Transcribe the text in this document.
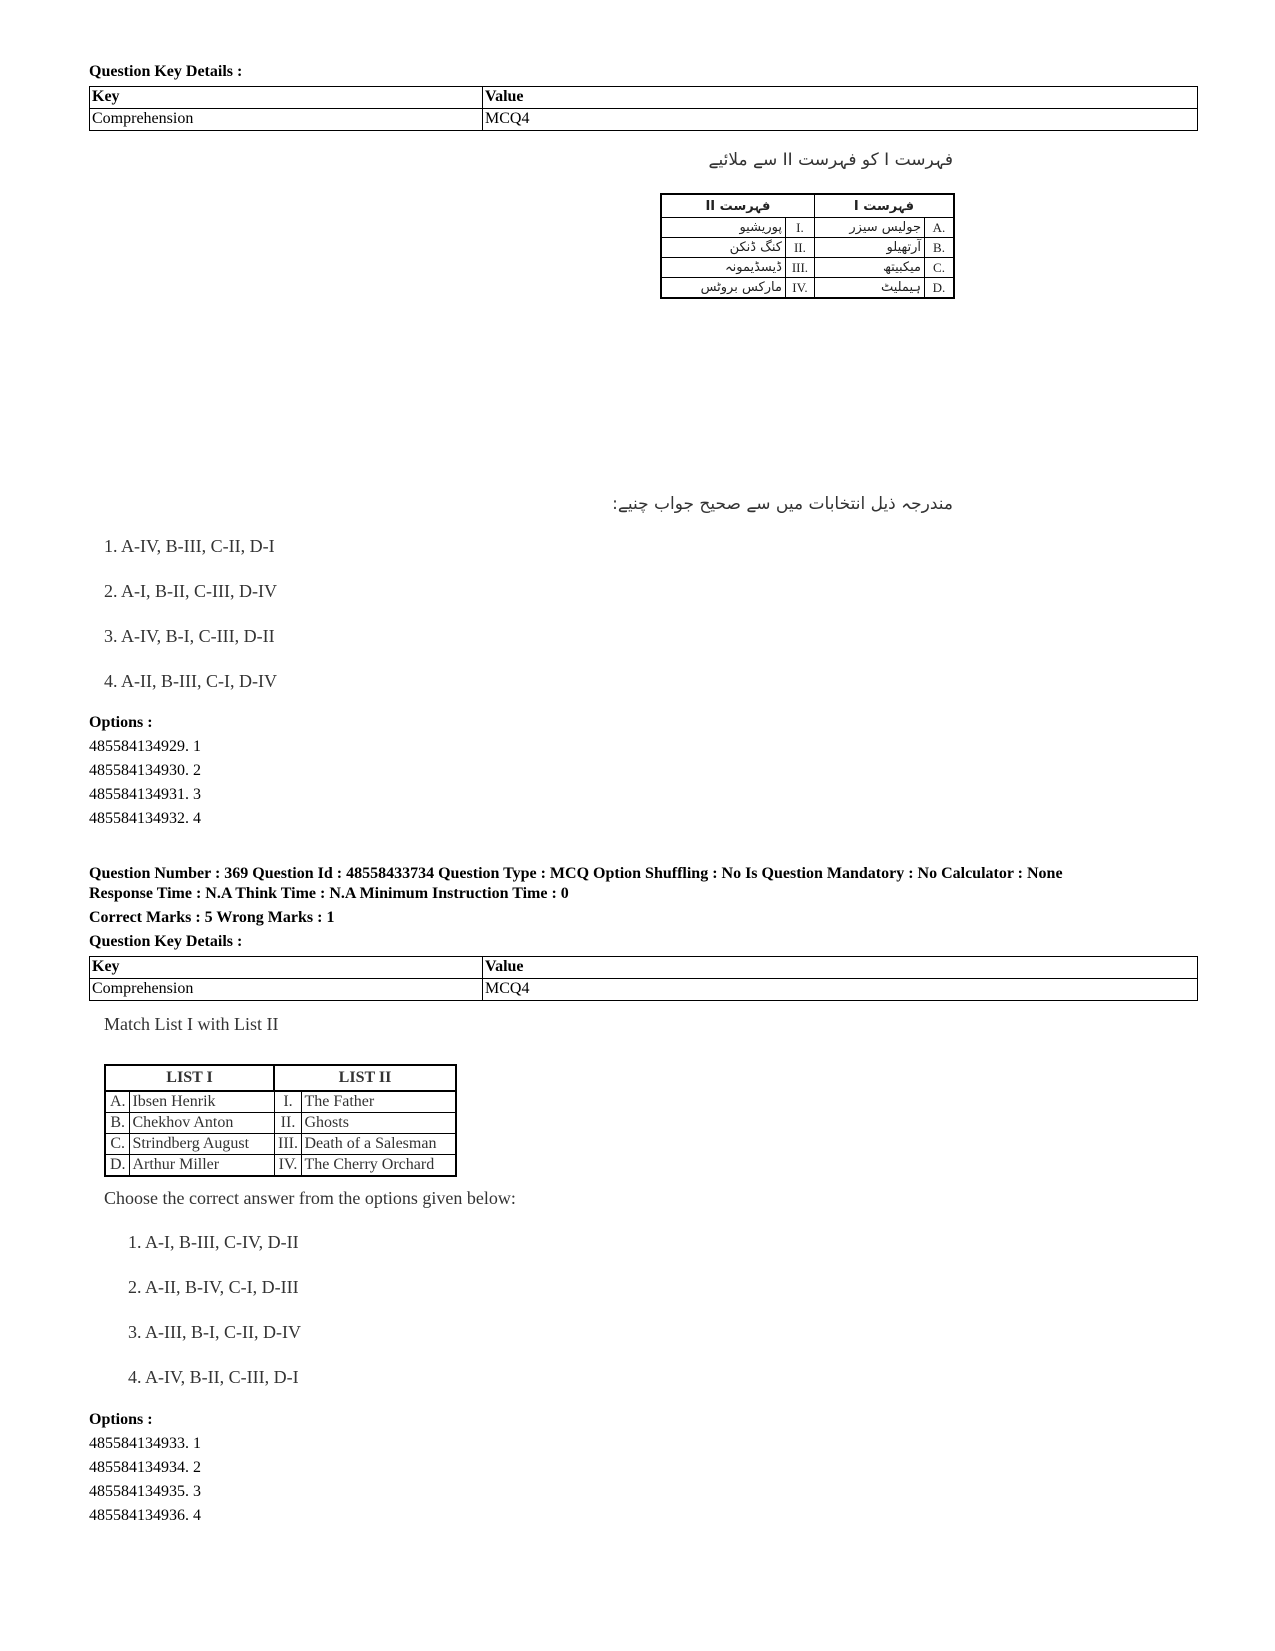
Question Key Details :
Key	Value
Comprehension	MCQ4
فہرست I کو فہرست II سے ملائیے
فہرست I		فہرست II	
A.	جولیس سیزر	I.	پوریشیو
B.	آرتھیلو	II.	کنگ ڈنکن
C.	میکبیتھ	III.	ڈیسڈیمونہ
D.	ہیملیٹ	IV.	مارکس بروٹس
مندرجہ ذیل انتخابات میں سے صحیح جواب چنیے:
1. A-IV, B-III, C-II, D-I
2. A-I, B-II, C-III, D-IV
3. A-IV, B-I, C-III, D-II
4. A-II, B-III, C-I, D-IV
Options :
485584134929. 1
485584134930. 2
485584134931. 3
485584134932. 4
Question Number : 369 Question Id : 48558433734 Question Type : MCQ Option Shuffling : No Is Question Mandatory : No Calculator : None
Response Time : N.A Think Time : N.A Minimum Instruction Time : 0
Correct Marks : 5 Wrong Marks : 1
Question Key Details :
Key	Value
Comprehension	MCQ4
Match List I with List II
LIST I		LIST II	
A.	Ibsen Henrik	I.	The Father
B.	Chekhov Anton	II.	Ghosts
C.	Strindberg August	III.	Death of a Salesman
D.	Arthur Miller	IV.	The Cherry Orchard
Choose the correct answer from the options given below:
1. A-I, B-III, C-IV, D-II
2. A-II, B-IV, C-I, D-III
3. A-III, B-I, C-II, D-IV
4. A-IV, B-II, C-III, D-I
Options :
485584134933. 1
485584134934. 2
485584134935. 3
485584134936. 4
